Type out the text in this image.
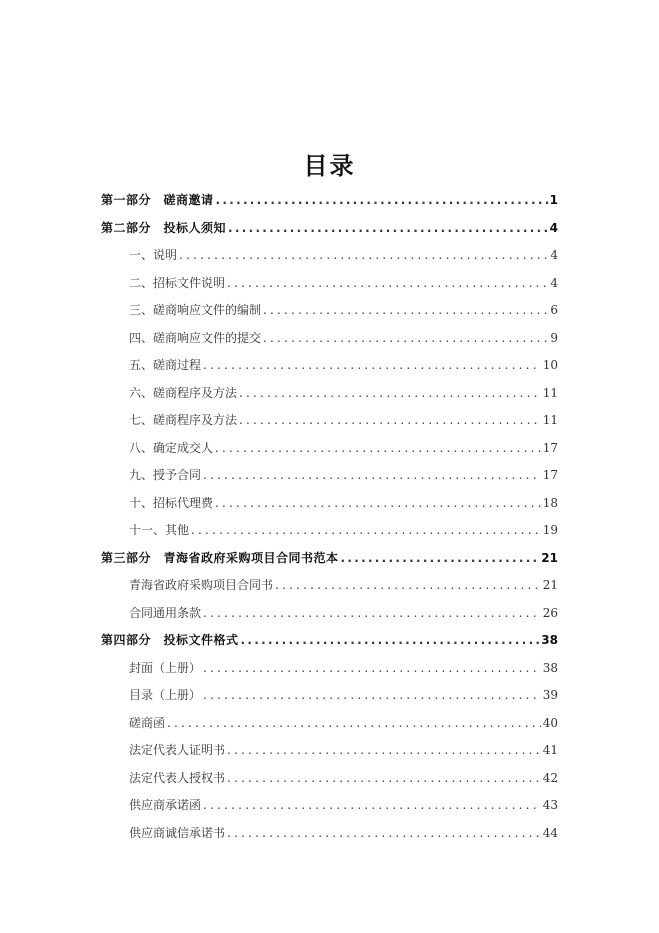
目录
第一部分　磋商邀请 .....	1
第二部分　投标人须知 .....	4
一、说明 .....	4
二、招标文件说明 .....	4
三、磋商响应文件的编制 .....	6
四、磋商响应文件的提交 .....	9
五、磋商过程 .....	10
六、磋商程序及方法 .....	11
七、磋商程序及方法 .....	11
八、确定成交人 .....	17
九、授予合同 .....	17
十、招标代理费 .....	18
十一、其他 .....	19
第三部分　青海省政府采购项目合同书范本 .....	21
青海省政府采购项目合同书 .....	21
合同通用条款 .....	26
第四部分　投标文件格式 .....	38
封面（上册） .....	38
目录（上册） .....	39
磋商函 .....	40
法定代表人证明书 .....	41
法定代表人授权书 .....	42
供应商承诺函 .....	43
供应商诚信承诺书 .....	44
